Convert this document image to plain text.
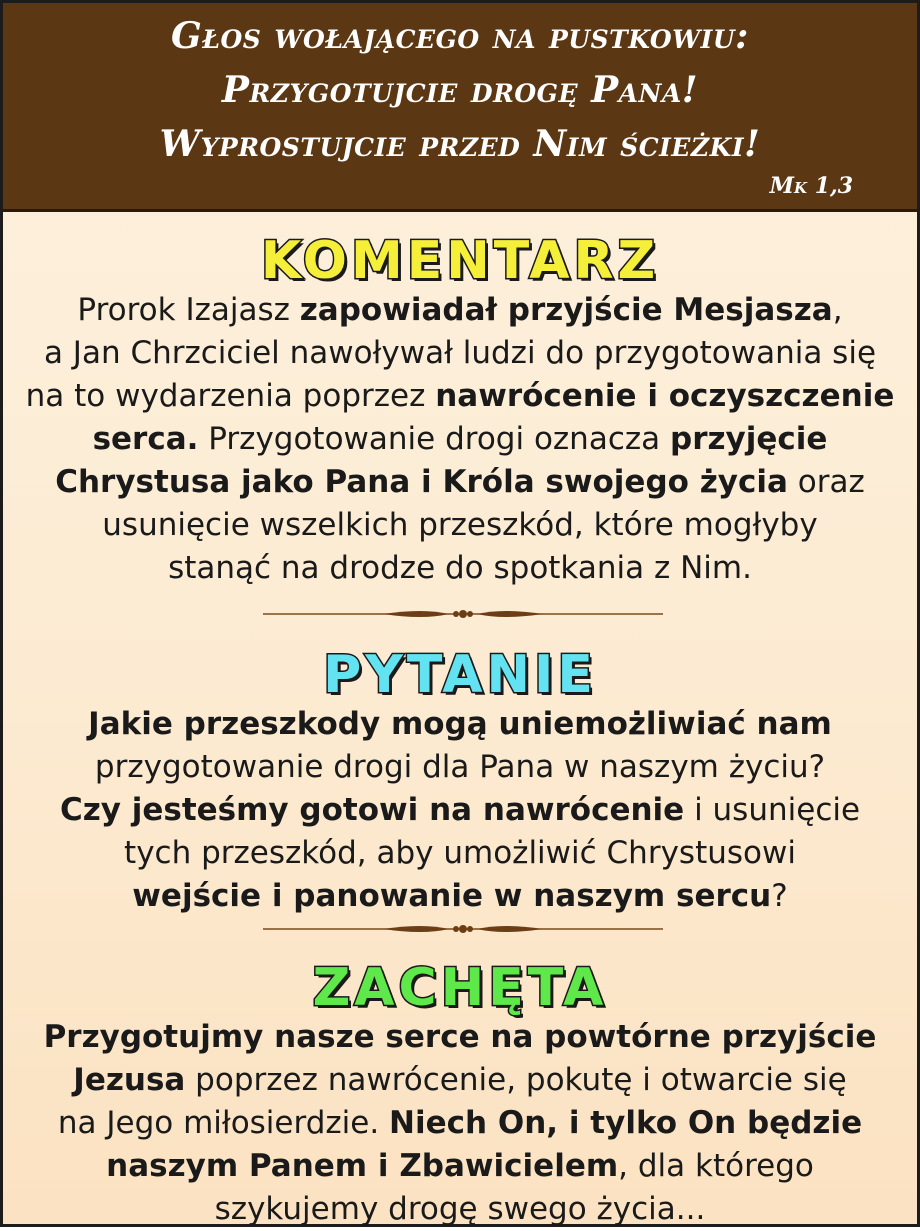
Głos wołającego na pustkowiu:
Przygotujcie drogę Pana!
Wyprostujcie przed Nim ścieżki!
Mk 1,3
KOMENTARZ
Prorok Izajasz zapowiadał przyjście Mesjasza,
a Jan Chrzciciel nawoływał ludzi do przygotowania się
na to wydarzenia poprzez nawrócenie i oczyszczenie
serca. Przygotowanie drogi oznacza przyjęcie
Chrystusa jako Pana i Króla swojego życia oraz
usunięcie wszelkich przeszkód, które mogłyby
stanąć na drodze do spotkania z Nim.
PYTANIE
Jakie przeszkody mogą uniemożliwiać nam
przygotowanie drogi dla Pana w naszym życiu?
Czy jesteśmy gotowi na nawrócenie i usunięcie
tych przeszkód, aby umożliwić Chrystusowi
wejście i panowanie w naszym sercu?
ZACHĘTA
Przygotujmy nasze serce na powtórne przyjście
Jezusa poprzez nawrócenie, pokutę i otwarcie się
na Jego miłosierdzie. Niech On, i tylko On będzie
naszym Panem i Zbawicielem, dla którego
szykujemy drogę swego życia...
